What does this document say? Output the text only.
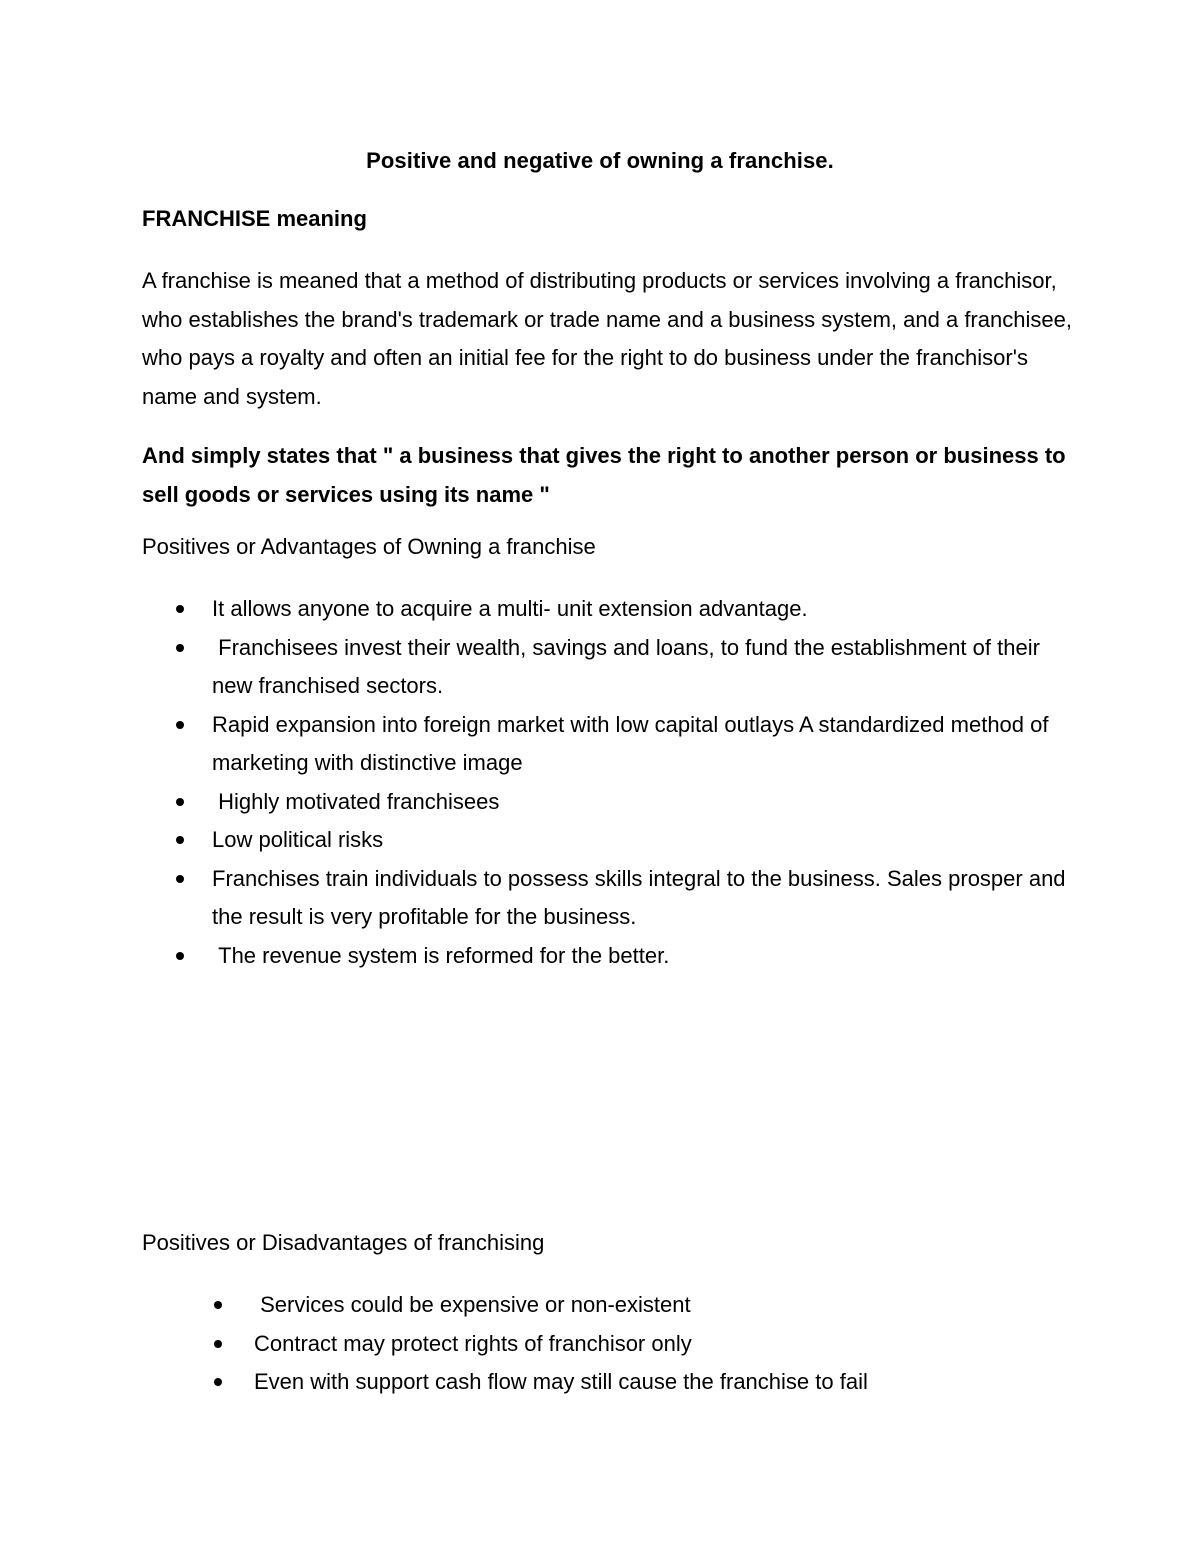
Positive and negative of owning a franchise.
FRANCHISE meaning
A franchise is meaned that a method of distributing products or services involving a franchisor, who establishes the brand's trademark or trade name and a business system, and a franchisee, who pays a royalty and often an initial fee for the right to do business under the franchisor's name and system.
And simply states that " a business that gives the right to another person or business to sell goods or services using its name "
Positives or Advantages of Owning a franchise
It allows anyone to acquire a multi- unit extension advantage.
Franchisees invest their wealth, savings and loans, to fund the establishment of their new franchised sectors.
Rapid expansion into foreign market with low capital outlays A standardized method of marketing with distinctive image
Highly motivated franchisees
Low political risks
Franchises train individuals to possess skills integral to the business. Sales prosper and the result is very profitable for the business.
The revenue system is reformed for the better.
Positives or Disadvantages of franchising
Services could be expensive or non-existent
Contract may protect rights of franchisor only
Even with support cash flow may still cause the franchise to fail
